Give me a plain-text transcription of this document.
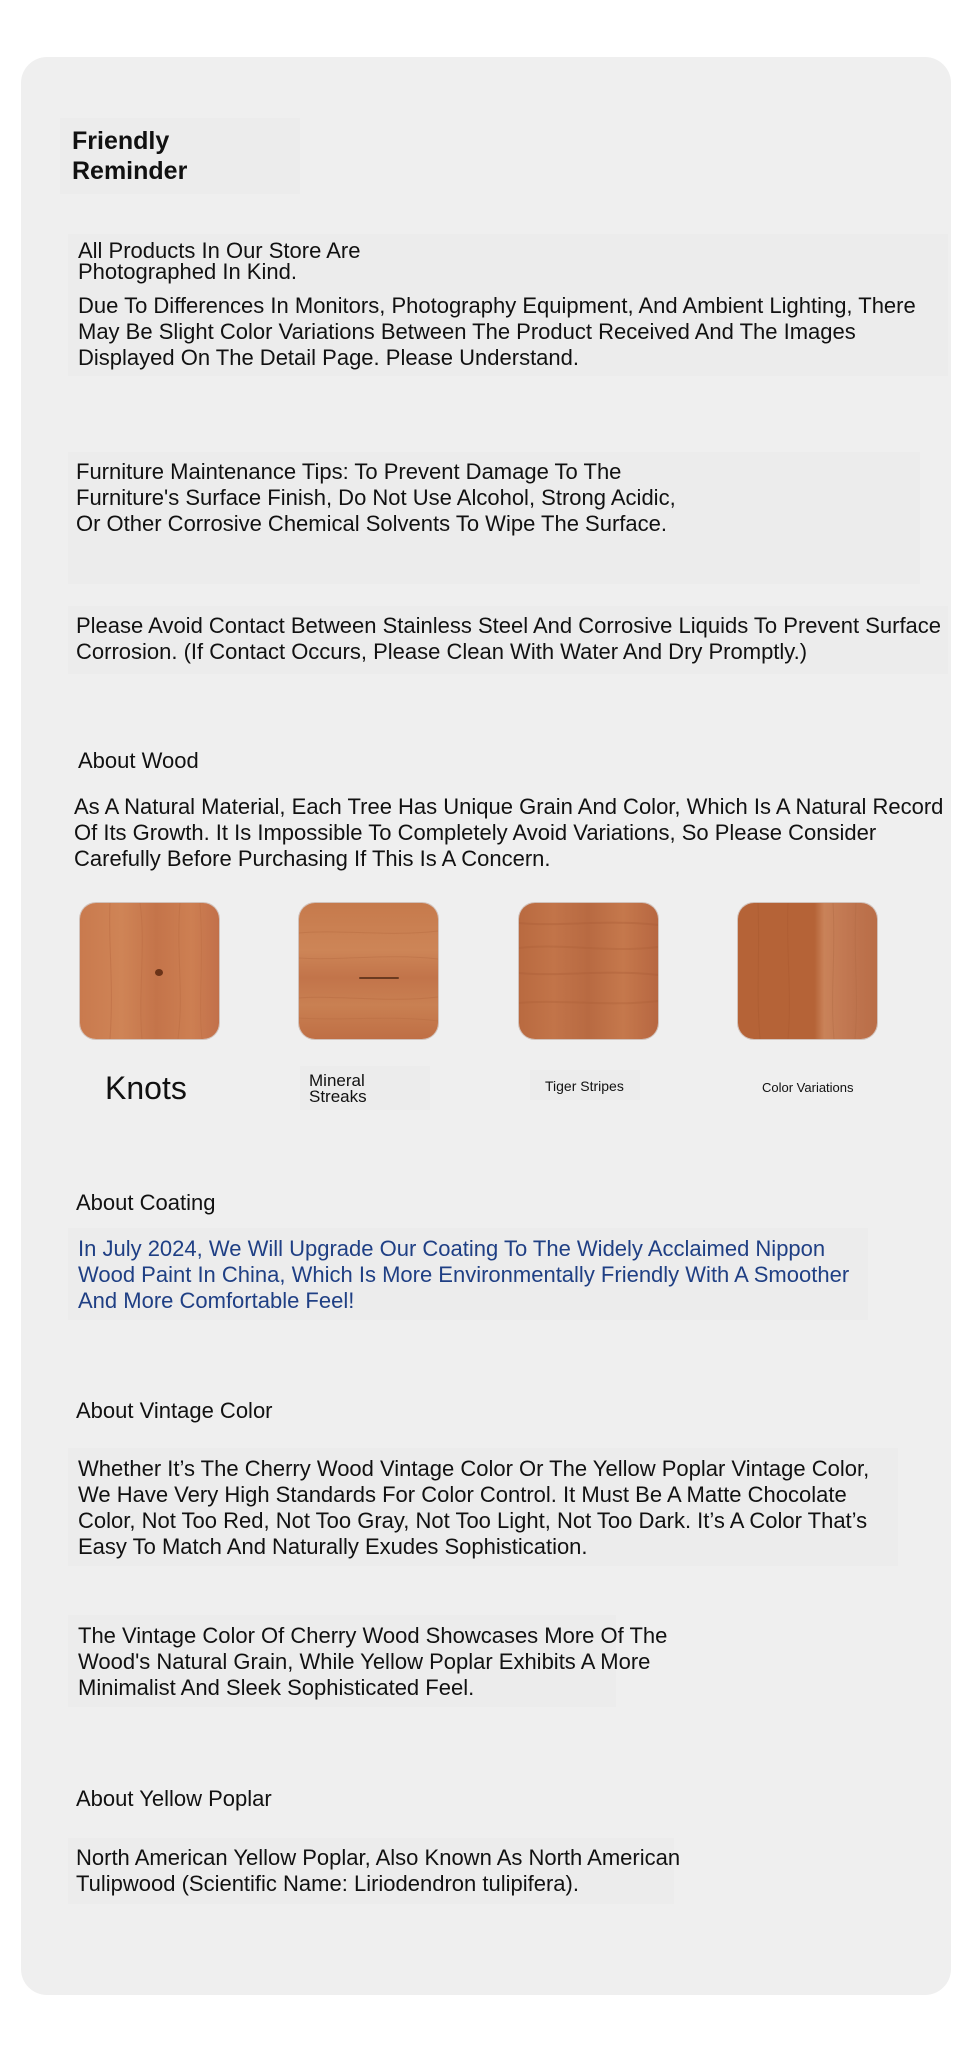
Friendly Reminder

All Products In Our Store Are Photographed In Kind.

Due To Differences In Monitors, Photography Equipment, And Ambient Lighting, There May Be Slight Color Variations Between The Product Received And The Images Displayed On The Detail Page. Please Understand.

Furniture Maintenance Tips: To Prevent Damage To The Furniture's Surface Finish, Do Not Use Alcohol, Strong Acidic, Or Other Corrosive Chemical Solvents To Wipe The Surface.

Please Avoid Contact Between Stainless Steel And Corrosive Liquids To Prevent Surface Corrosion. (If Contact Occurs, Please Clean With Water And Dry Promptly.)

About Wood

As A Natural Material, Each Tree Has Unique Grain And Color, Which Is A Natural Record Of Its Growth. It Is Impossible To Completely Avoid Variations, So Please Consider Carefully Before Purchasing If This Is A Concern.

Knots	Mineral Streaks

Tiger Stripes	Color Variations

About Coating

In July 2024, We Will Upgrade Our Coating To The Widely Acclaimed Nippon Wood Paint In China, Which Is More Environmentally Friendly With A Smoother And More Comfortable Feel!

About Vintage Color

Whether It’s The Cherry Wood Vintage Color Or The Yellow Poplar Vintage Color, We Have Very High Standards For Color Control. It Must Be A Matte Chocolate Color, Not Too Red, Not Too Gray, Not Too Light, Not Too Dark. It’s A Color That’s Easy To Match And Naturally Exudes Sophistication.

The Vintage Color Of Cherry Wood Showcases More Of The Wood's Natural Grain, While Yellow Poplar Exhibits A More Minimalist And Sleek Sophisticated Feel.

About Yellow Poplar

North American Yellow Poplar, Also Known As North American Tulipwood (Scientific Name: Liriodendron tulipifera).
